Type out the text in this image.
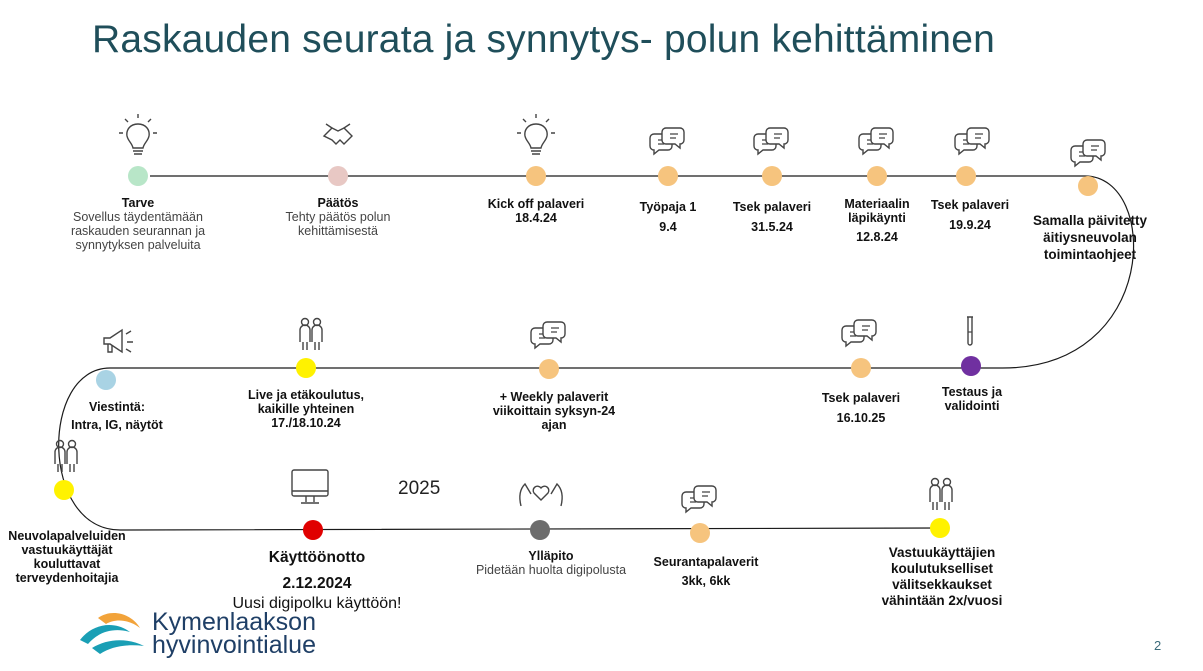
Raskauden seurata ja synnytys- polun kehittäminen
Tarve
Sovellus täydentämään raskauden seurannan ja synnytyksen palveluita
Päätös
Tehty päätös polun kehittämisestä
Kick off palaveri
18.4.24
Työpaja 1
9.4
Tsek palaveri
31.5.24
Materiaalin läpikäynti
12.8.24
Tsek palaveri
19.9.24	Samalla päivitetty äitiysneuvolan toimintaohjeet
Testaus ja validointi
Tsek palaveri
16.10.25
+ Weekly palaverit viikoittain syksyn-24 ajan
Live ja etäkoulutus, kaikille yhteinen
17./18.10.24
Viestintä:
Intra, IG, näytöt
Neuvolapalveluiden vastuukäyttäjät kouluttavat terveydenhoitajia
Käyttöönotto
2.12.2024
Uusi digipolku käyttöön!
Ylläpito
Pidetään huolta digipolusta
Seurantapalaverit
3kk, 6kk
Vastuukäyttäjien koulutukselliset välitsekkaukset vähintään 2x/vuosi
2025
Kymenlaakson
hyvinvointialue	2
